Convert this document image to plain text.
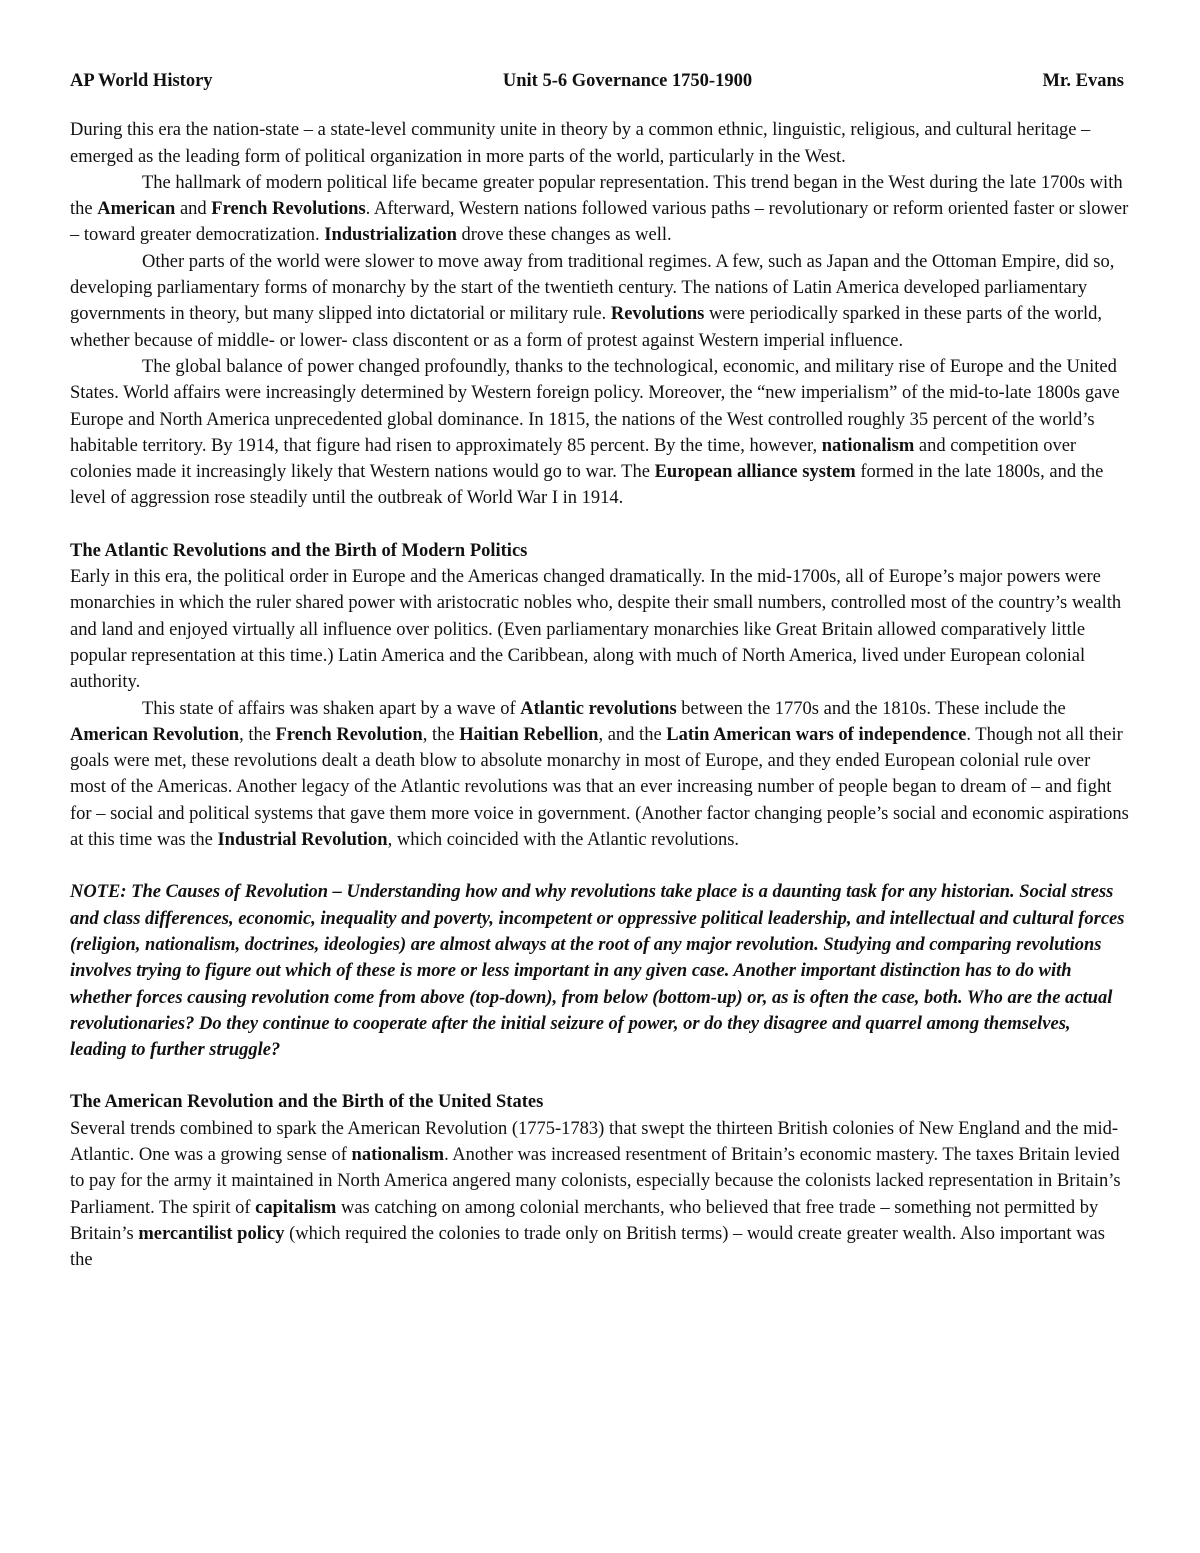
AP World History	Unit 5-6 Governance 1750-1900	Mr. Evans

During this era the nation-state – a state-level community unite in theory by a common ethnic, linguistic, religious, and cultural heritage – emerged as the leading form of political organization in more parts of the world, particularly in the West.

The hallmark of modern political life became greater popular representation. This trend began in the West during the late 1700s with the American and French Revolutions. Afterward, Western nations followed various paths – revolutionary or reform oriented faster or slower – toward greater democratization. Industrialization drove these changes as well.

Other parts of the world were slower to move away from traditional regimes. A few, such as Japan and the Ottoman Empire, did so, developing parliamentary forms of monarchy by the start of the twentieth century. The nations of Latin America developed parliamentary governments in theory, but many slipped into dictatorial or military rule. Revolutions were periodically sparked in these parts of the world, whether because of middle- or lower- class discontent or as a form of protest against Western imperial influence.

The global balance of power changed profoundly, thanks to the technological, economic, and military rise of Europe and the United States. World affairs were increasingly determined by Western foreign policy. Moreover, the “new imperialism” of the mid-to-late 1800s gave Europe and North America unprecedented global dominance. In 1815, the nations of the West controlled roughly 35 percent of the world’s habitable territory. By 1914, that figure had risen to approximately 85 percent. By the time, however, nationalism and competition over colonies made it increasingly likely that Western nations would go to war. The European alliance system formed in the late 1800s, and the level of aggression rose steadily until the outbreak of World War I in 1914.

The Atlantic Revolutions and the Birth of Modern Politics

Early in this era, the political order in Europe and the Americas changed dramatically. In the mid-1700s, all of Europe’s major powers were monarchies in which the ruler shared power with aristocratic nobles who, despite their small numbers, controlled most of the country’s wealth and land and enjoyed virtually all influence over politics. (Even parliamentary monarchies like Great Britain allowed comparatively little popular representation at this time.) Latin America and the Caribbean, along with much of North America, lived under European colonial authority.

This state of affairs was shaken apart by a wave of Atlantic revolutions between the 1770s and the 1810s. These include the American Revolution, the French Revolution, the Haitian Rebellion, and the Latin American wars of independence. Though not all their goals were met, these revolutions dealt a death blow to absolute monarchy in most of Europe, and they ended European colonial rule over most of the Americas. Another legacy of the Atlantic revolutions was that an ever increasing number of people began to dream of – and fight for – social and political systems that gave them more voice in government. (Another factor changing people’s social and economic aspirations at this time was the Industrial Revolution, which coincided with the Atlantic revolutions.

NOTE: The Causes of Revolution – Understanding how and why revolutions take place is a daunting task for any historian. Social stress and class differences, economic, inequality and poverty, incompetent or oppressive political leadership, and intellectual and cultural forces (religion, nationalism, doctrines, ideologies) are almost always at the root of any major revolution. Studying and comparing revolutions involves trying to figure out which of these is more or less important in any given case. Another important distinction has to do with whether forces causing revolution come from above (top-down), from below (bottom-up) or, as is often the case, both. Who are the actual revolutionaries? Do they continue to cooperate after the initial seizure of power, or do they disagree and quarrel among themselves, leading to further struggle?

The American Revolution and the Birth of the United States

Several trends combined to spark the American Revolution (1775-1783) that swept the thirteen British colonies of New England and the mid-Atlantic. One was a growing sense of nationalism. Another was increased resentment of Britain’s economic mastery. The taxes Britain levied to pay for the army it maintained in North America angered many colonists, especially because the colonists lacked representation in Britain’s Parliament. The spirit of capitalism was catching on among colonial merchants, who believed that free trade – something not permitted by Britain’s mercantilist policy (which required the colonies to trade only on British terms) – would create greater wealth. Also important was the
